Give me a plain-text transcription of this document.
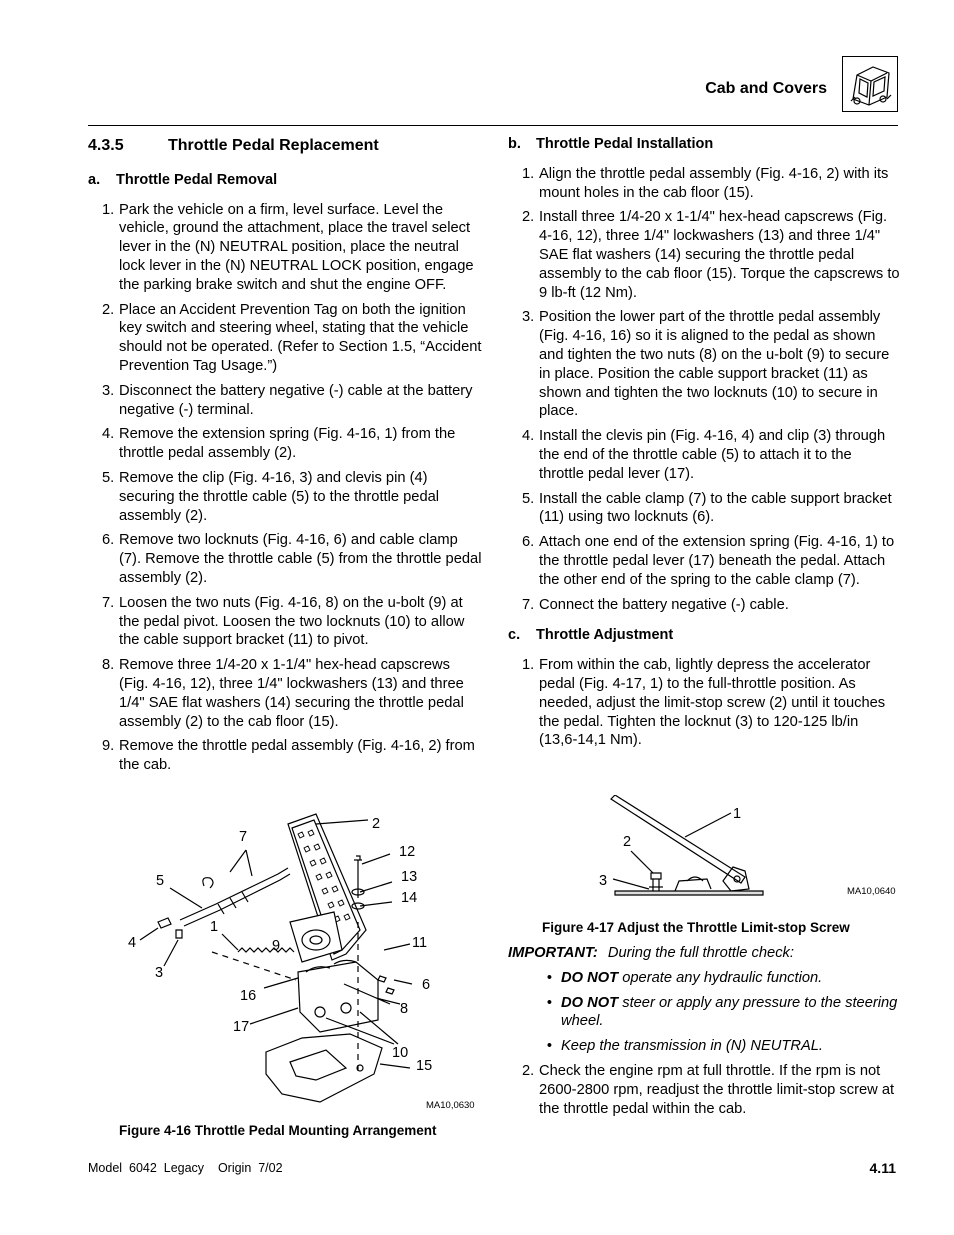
Cab and Covers
4.3.5	Throttle Pedal Replacement
a.	Throttle Pedal Removal
1. Park the vehicle on a firm, level surface. Level the vehicle, ground the attachment, place the travel select lever in the (N) NEUTRAL position, place the neutral lock lever in the (N) NEUTRAL LOCK position, engage the parking brake switch and shut the engine OFF.
2. Place an Accident Prevention Tag on both the ignition key switch and steering wheel, stating that the vehicle should not be operated. (Refer to Section 1.5, “Accident Prevention Tag Usage.”)
3. Disconnect the battery negative (-) cable at the battery negative (-) terminal.
4. Remove the extension spring (Fig. 4-16, 1) from the throttle pedal assembly (2).
5. Remove the clip (Fig. 4-16, 3) and clevis pin (4) securing the throttle cable (5) to the throttle pedal assembly (2).
6. Remove two locknuts (Fig. 4-16, 6) and cable clamp (7). Remove the throttle cable (5) from the throttle pedal assembly (2).
7. Loosen the two nuts (Fig. 4-16, 8) on the u-bolt (9) at the pedal pivot. Loosen the two locknuts (10) to allow the cable support bracket (11) to pivot.
8. Remove three 1/4-20 x 1-1/4" hex-head capscrews (Fig. 4-16, 12), three 1/4" lockwashers (13) and three 1/4" SAE flat washers (14) securing the throttle pedal assembly (2) to the cab floor (15).
9. Remove the throttle pedal assembly (Fig. 4-16, 2) from the cab.
2
7
12
5	13
14
1
9
4	11
3
6
16
8
17
10
15
MA10,0630
Figure 4-16 Throttle Pedal Mounting Arrangement
b.	Throttle Pedal Installation
1. Align the throttle pedal assembly (Fig. 4-16, 2) with its mount holes in the cab floor (15).
2. Install three 1/4-20 x 1-1/4" hex-head capscrews (Fig. 4-16, 12), three 1/4" lockwashers (13) and three 1/4" SAE flat washers (14) securing the throttle pedal assembly to the cab floor (15). Torque the capscrews to 9 lb-ft (12 Nm).
3. Position the lower part of the throttle pedal assembly (Fig. 4-16, 16) so it is aligned to the pedal as shown and tighten the two nuts (8) on the u-bolt (9) to secure in place. Position the cable support bracket (11) as shown and tighten the two locknuts (10) to secure in place.
4. Install the clevis pin (Fig. 4-16, 4) and clip (3) through the end of the throttle cable (5) to attach it to the throttle pedal lever (17).
5. Install the cable clamp (7) to the cable support bracket (11) using two locknuts (6).
6. Attach one end of the extension spring (Fig. 4-16, 1) to the throttle pedal lever (17) beneath the pedal. Attach the other end of the spring to the cable clamp (7).
7. Connect the battery negative (-) cable.
c.	Throttle Adjustment
1. From within the cab, lightly depress the accelerator pedal (Fig. 4-17, 1) to the full-throttle position. As needed, adjust the limit-stop screw (2) until it touches the pedal. Tighten the locknut (3) to 120-125 lb/in (13,6-14,1 Nm).
1
2
3
MA10,0640
Figure 4-17 Adjust the Throttle Limit-stop Screw
IMPORTANT: During the full throttle check:
• DO NOT operate any hydraulic function.
• DO NOT steer or apply any pressure to the steering wheel.
• Keep the transmission in (N) NEUTRAL.
2. Check the engine rpm at full throttle. If the rpm is not 2600-2800 rpm, readjust the throttle limit-stop screw at the throttle pedal within the cab.
Model  6042  Legacy    Origin  7/02	4.11
